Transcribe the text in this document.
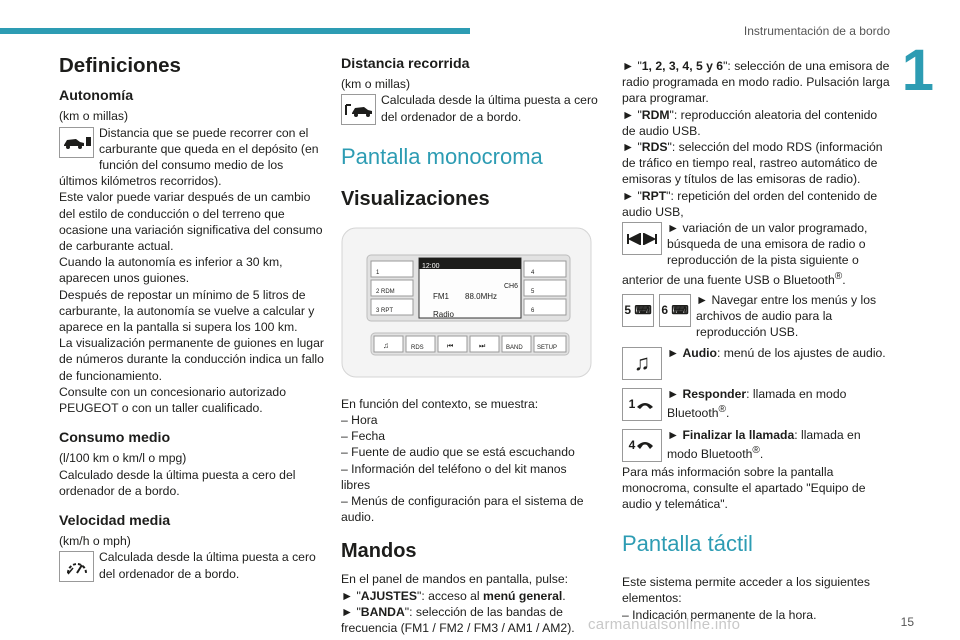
Instrumentación de a bordo
1
Definiciones
Autonomía

(km o millas)

Distancia que se puede recorrer con el carburante que queda en el depósito (en función del consumo medio de los últimos kilómetros recorridos).

Este valor puede variar después de un cambio del estilo de conducción o del terreno que ocasione una variación significativa del consumo de carburante actual.

Cuando la autonomía es inferior a 30 km, aparecen unos guiones.

Después de repostar un mínimo de 5 litros de carburante, la autonomía se vuelve a calcular y aparece en la pantalla si supera los 100 km.

La visualización permanente de guiones en lugar de números durante la conducción indica un fallo de funcionamiento.

Consulte con un concesionario autorizado PEUGEOT o con un taller cualificado.

Consumo medio

(l/100 km o km/l o mpg)

Calculado desde la última puesta a cero del ordenador de a bordo.

Velocidad media

(km/h o mph)

Calculada desde la última puesta a cero del ordenador de a bordo.

Distancia recorrida

(km o millas)

Calculada desde la última puesta a cero del ordenador de a bordo.

Pantalla monocroma
Visualizaciones
12:00
FM1 88.0MHz
CH6
Radio
1
2 RDM
3 RPT
4
5
6
♫	RDS	⏮	⏭	BAND SETUP

En función del contexto, se muestra:

– Hora

– Fecha

– Fuente de audio que se está escuchando

– Información del teléfono o del kit manos libres

– Menús de configuración para el sistema de audio.

Mandos

En el panel de mandos en pantalla, pulse:

► "AJUSTES": acceso al menú general.

► "BANDA": selección de las bandas de frecuencia (FM1 / FM2 / FM3 / AM1 / AM2).

► "1, 2, 3, 4, 5 y 6": selección de una emisora de radio programada en modo radio. Pulsación larga para programar.

► "RDM": reproducción aleatoria del contenido de audio USB.

► "RDS": selección del modo RDS (información de tráfico en tiempo real, rastreo automático de emisoras y títulos de las emisoras de radio).

► "RPT": repetición del orden del contenido de audio USB,

► variación de un valor programado, búsqueda de una emisora de radio o reproducción de la pista siguiente o anterior de una fuente USB o Bluetooth®.

5 ⌨ 6 ⌨
► Navegar entre los menús y los archivos de audio para la reproducción USB.

♫ ► Audio: menú de los ajustes de audio.

1
► Responder: llamada en modo Bluetooth®.

4
► Finalizar la llamada: llamada en modo Bluetooth®.

Para más información sobre la pantalla monocroma, consulte el apartado "Equipo de audio y telemática".

Pantalla táctil

Este sistema permite acceder a los siguientes elementos:

– Indicación permanente de la hora.

carmanualsonline.info	15
